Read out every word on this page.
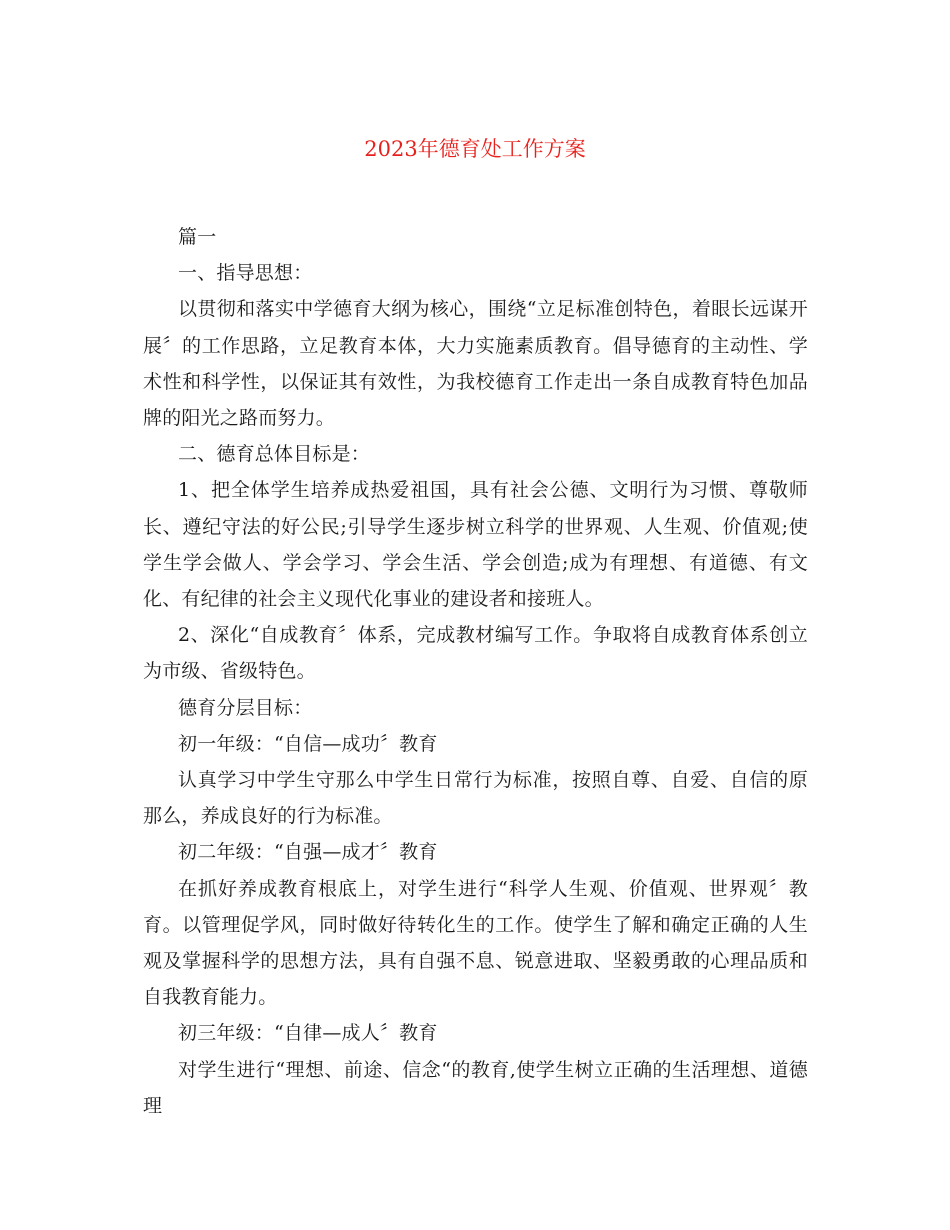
2023年德育处工作方案

篇一

一、指导思想：

以贯彻和落实中学德育大纲为核心，围绕“立足标准创特色，着眼长远谋开展〞的工作思路，立足教育本体，大力实施素质教育。倡导德育的主动性、学术性和科学性，以保证其有效性，为我校德育工作走出一条自成教育特色加品牌的阳光之路而努力。

二、德育总体目标是：

1、把全体学生培养成热爱祖国，具有社会公德、文明行为习惯、尊敬师长、遵纪守法的好公民;引导学生逐步树立科学的世界观、人生观、价值观;使学生学会做人、学会学习、学会生活、学会创造;成为有理想、有道德、有文化、有纪律的社会主义现代化事业的建设者和接班人。

2、深化“自成教育〞体系，完成教材编写工作。争取将自成教育体系创立为市级、省级特色。

德育分层目标：

初一年级：“自信—成功〞教育

认真学习中学生守那么中学生日常行为标准，按照自尊、自爱、自信的原那么，养成良好的行为标准。

初二年级：“自强—成才〞教育

在抓好养成教育根底上，对学生进行“科学人生观、价值观、世界观〞教育。以管理促学风，同时做好待转化生的工作。使学生了解和确定正确的人生观及掌握科学的思想方法，具有自强不息、锐意进取、坚毅勇敢的心理品质和自我教育能力。

初三年级：“自律—成人〞教育

对学生进行“理想、前途、信念“的教育,使学生树立正确的生活理想、道德理
